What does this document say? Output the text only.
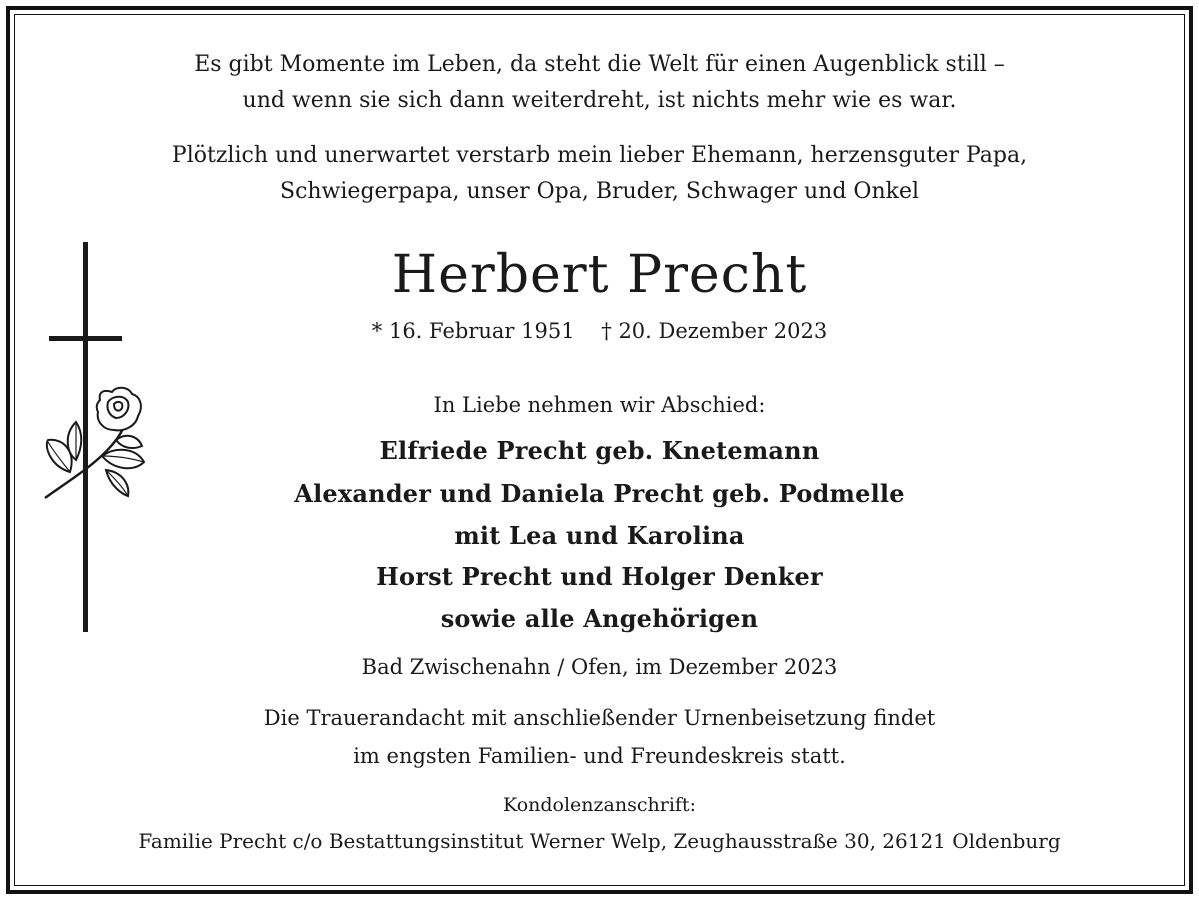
Es gibt Momente im Leben, da steht die Welt für einen Augenblick still –
und wenn sie sich dann weiterdreht, ist nichts mehr wie es war.
Plötzlich und unerwartet verstarb mein lieber Ehemann, herzensguter Papa,
Schwiegerpapa, unser Opa, Bruder, Schwager und Onkel
Herbert Precht
* 16. Februar 1951    † 20. Dezember 2023
In Liebe nehmen wir Abschied:
Elfriede Precht geb. Knetemann
Alexander und Daniela Precht geb. Podmelle
mit Lea und Karolina
Horst Precht und Holger Denker
sowie alle Angehörigen
Bad Zwischenahn / Ofen, im Dezember 2023
Die Trauerandacht mit anschließender Urnenbeisetzung findet
im engsten Familien- und Freundeskreis statt.
Kondolenzanschrift:
Familie Precht c/o Bestattungsinstitut Werner Welp, Zeughausstraße 30, 26121 Oldenburg
